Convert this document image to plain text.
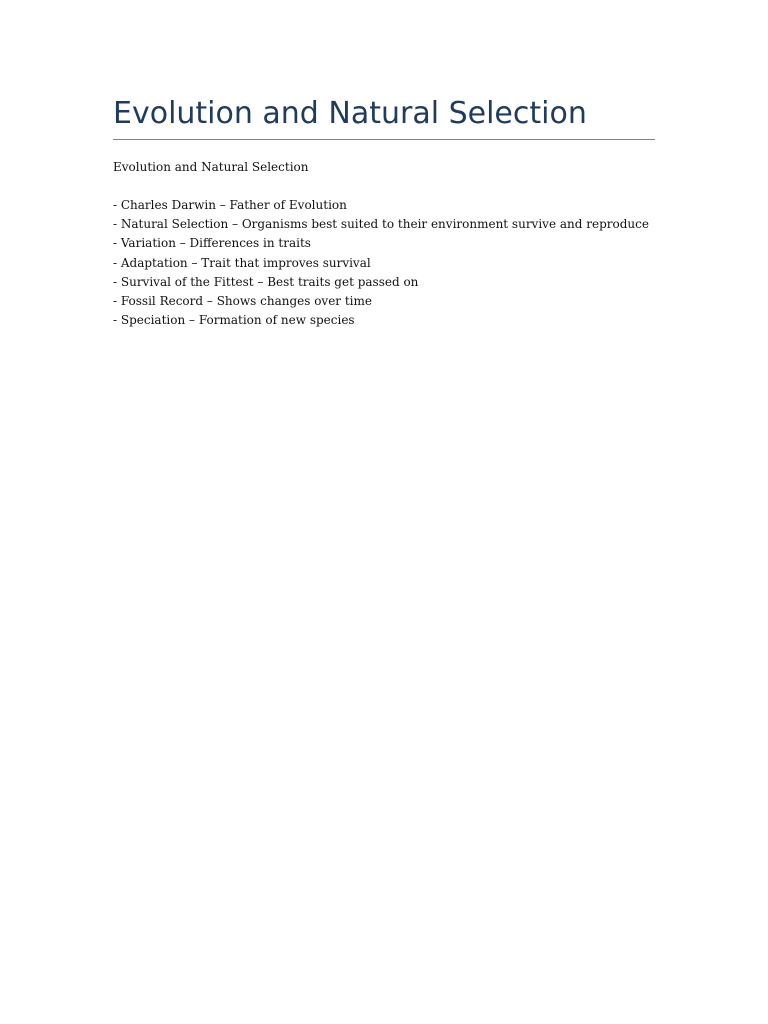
Evolution and Natural Selection

Evolution and Natural Selection

- Charles Darwin – Father of Evolution
- Natural Selection – Organisms best suited to their environment survive and reproduce
- Variation – Differences in traits
- Adaptation – Trait that improves survival
- Survival of the Fittest – Best traits get passed on
- Fossil Record – Shows changes over time
- Speciation – Formation of new species
